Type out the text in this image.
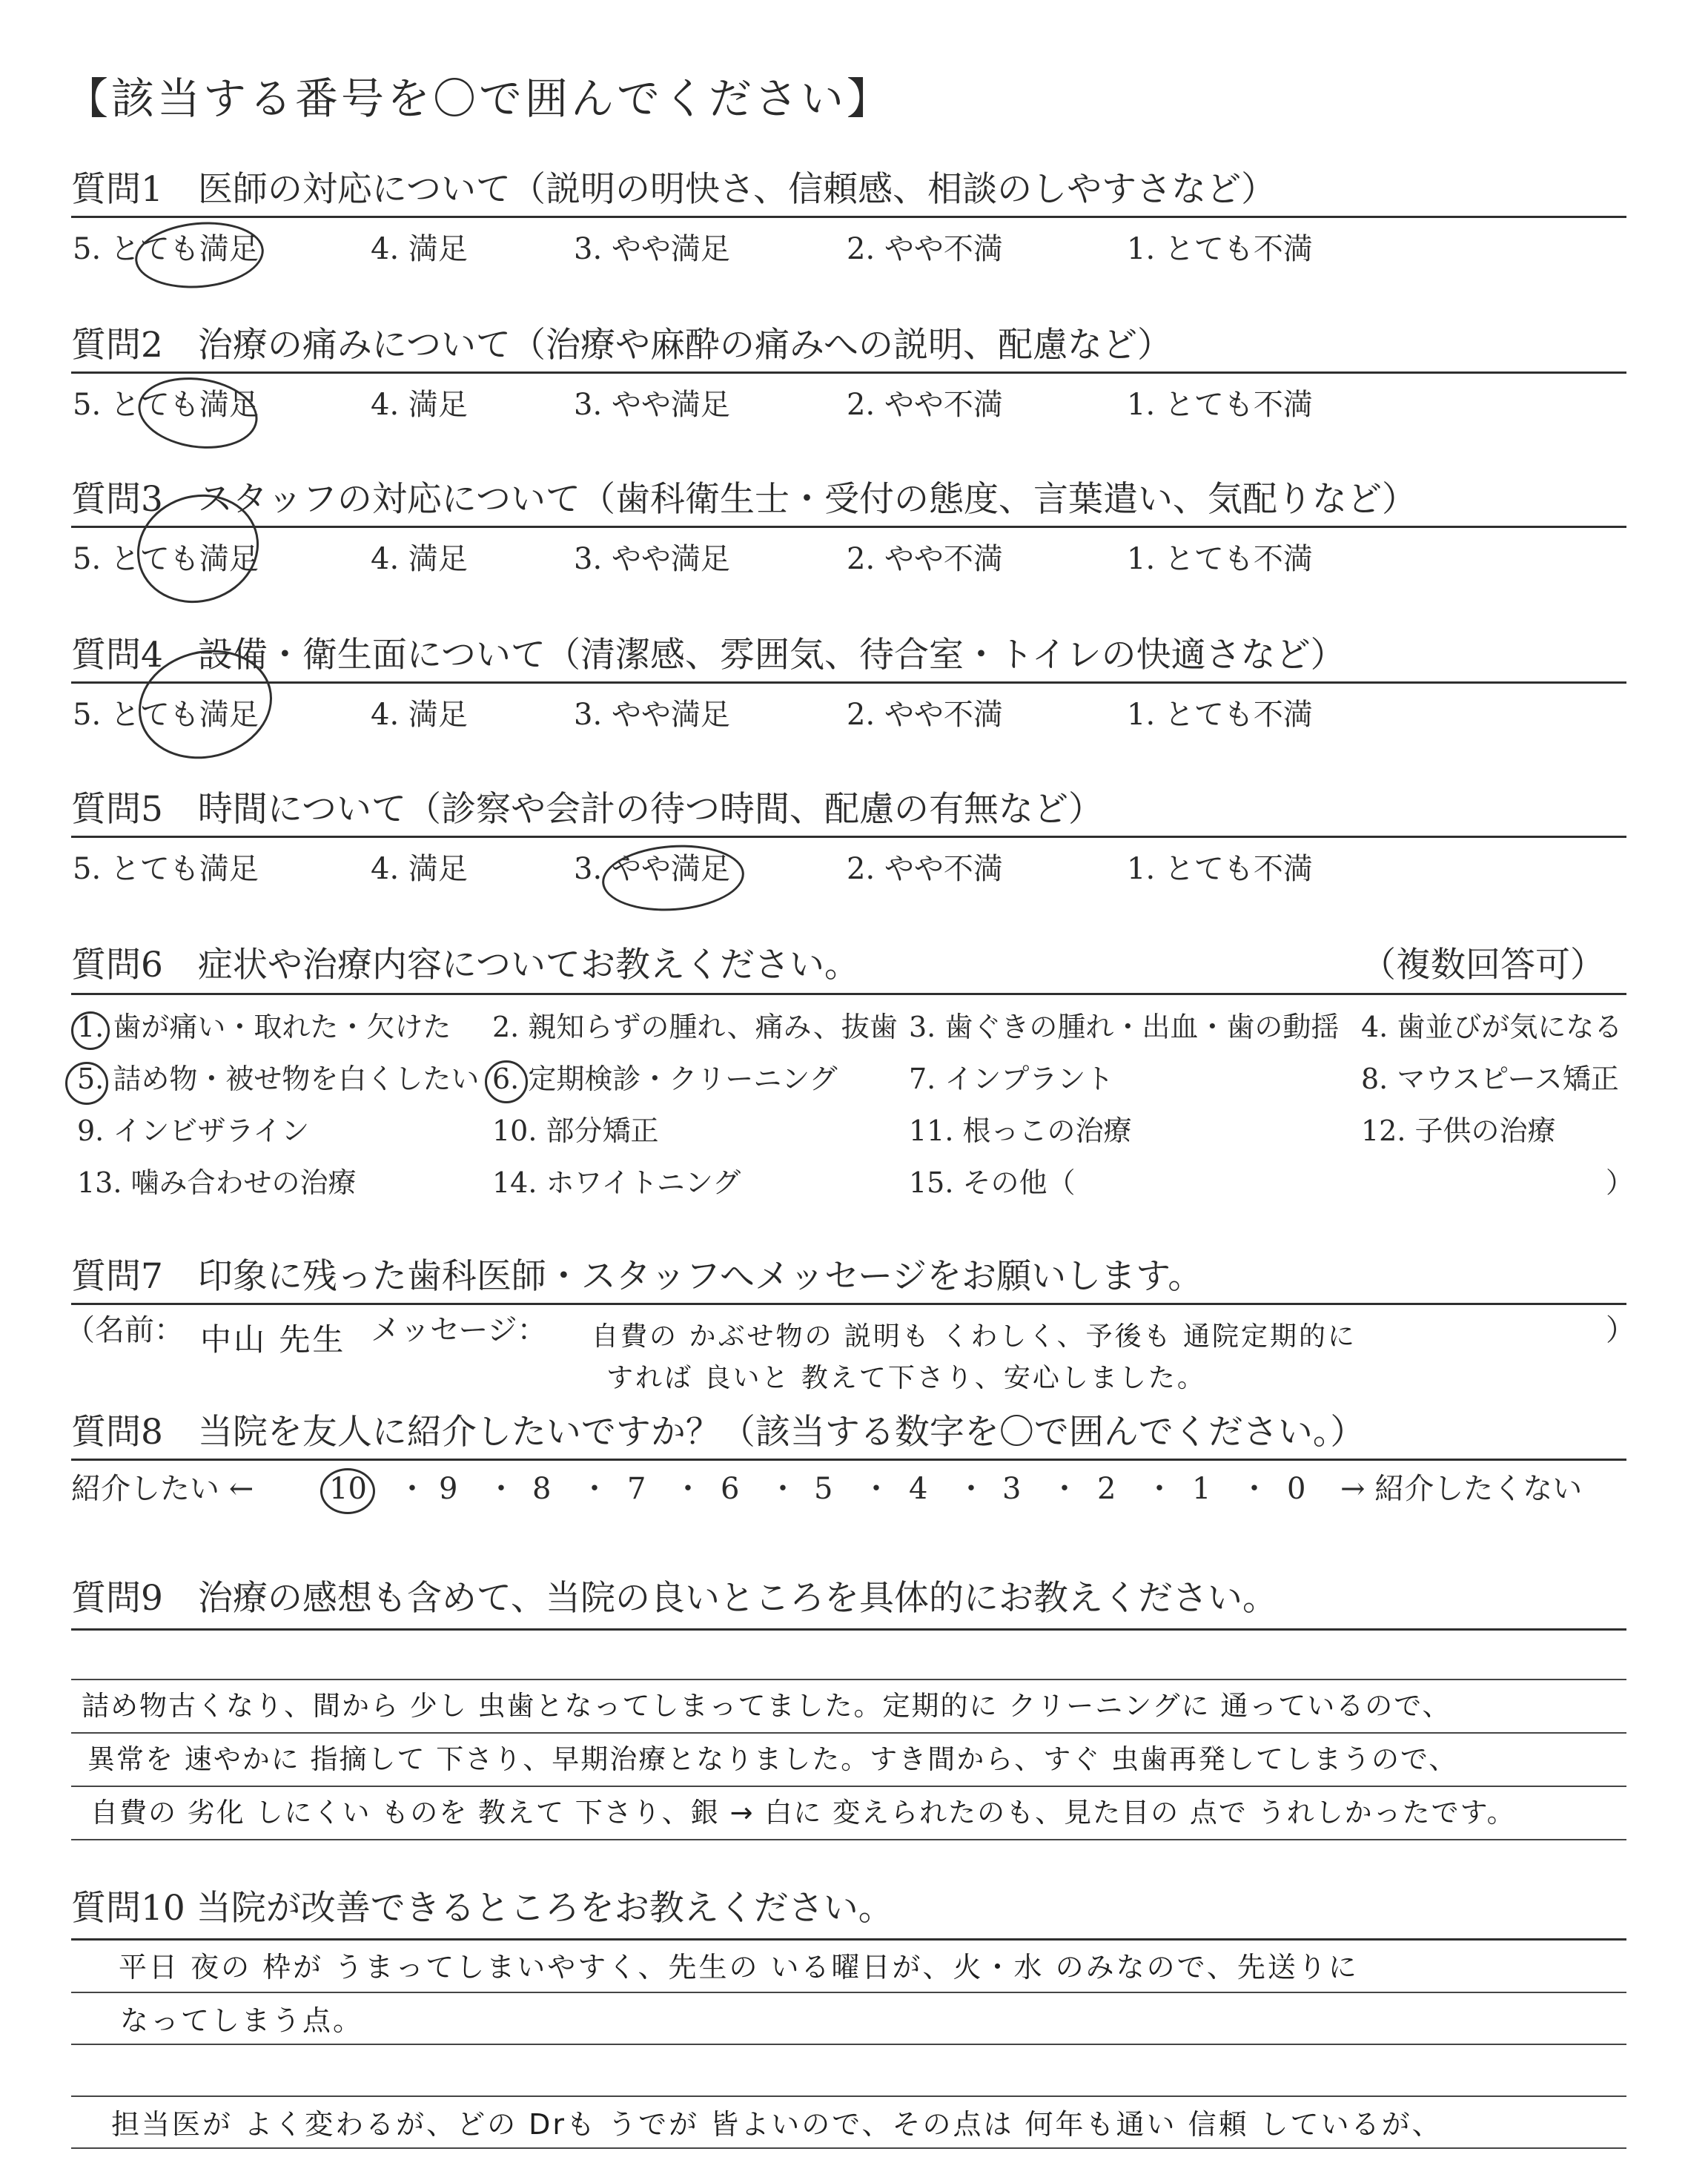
【該当する番号を〇で囲んでください】
質問1　医師の対応について（説明の明快さ、信頼感、相談のしやすさなど）
5. とても満足	4. 満足	3. やや満足	2. やや不満	1. とても不満
質問2　治療の痛みについて（治療や麻酔の痛みへの説明、配慮など）
5. とても満足	4. 満足	3. やや満足	2. やや不満	1. とても不満
質問3　スタッフの対応について（歯科衛生士・受付の態度、言葉遣い、気配りなど）
5. とても満足	4. 満足	3. やや満足	2. やや不満	1. とても不満
質問4　設備・衛生面について（清潔感、雰囲気、待合室・トイレの快適さなど）
5. とても満足	4. 満足	3. やや満足	2. やや不満	1. とても不満
質問5　時間について（診察や会計の待つ時間、配慮の有無など）
5. とても満足	4. 満足	3. やや満足	2. やや不満	1. とても不満
質問6　症状や治療内容についてお教えください。	（複数回答可）
1. 歯が痛い・取れた・欠けた 2. 親知らずの腫れ、痛み、抜歯 3. 歯ぐきの腫れ・出血・歯の動揺 4. 歯並びが気になる
5. 詰め物・被せ物を白くしたい 6. 定期検診・クリーニング	7. インプラント	8. マウスピース矯正
9. インビザライン	10. 部分矯正	11. 根っこの治療	12. 子供の治療
13. 噛み合わせの治療	14. ホワイトニング	15. その他（	）
質問7　印象に残った歯科医師・スタッフへメッセージをお願いします。
（名前： 中山 先生 メッセージ： 自費の かぶせ物の 説明も くわしく、予後も 通院定期的に
すれば 良いと 教えて下さり、安心しました。
）
質問8　当院を友人に紹介したいですか？（該当する数字を〇で囲んでください。）
紹介したい ←	10 ・ 9 ・ 8 ・ 7 ・ 6 ・ 5 ・ 4 ・ 3 ・ 2 ・ 1 ・ 0 → 紹介したくない
質問9　治療の感想も含めて、当院の良いところを具体的にお教えください。
詰め物古くなり、間から 少し 虫歯となってしまってました。定期的に クリーニングに 通っているので、
異常を 速やかに 指摘して 下さり、早期治療となりました。すき間から、すぐ 虫歯再発してしまうので、
自費の 劣化 しにくい ものを 教えて 下さり、銀 → 白に 変えられたのも、見た目の 点で うれしかったです。
質問10 当院が改善できるところをお教えください。
平日 夜の 枠が うまってしまいやすく、先生の いる曜日が、火・水 のみなので、先送りに
なってしまう点。
担当医が よく変わるが、どの Drも うでが 皆よいので、その点は 何年も通い 信頼 しているが、
